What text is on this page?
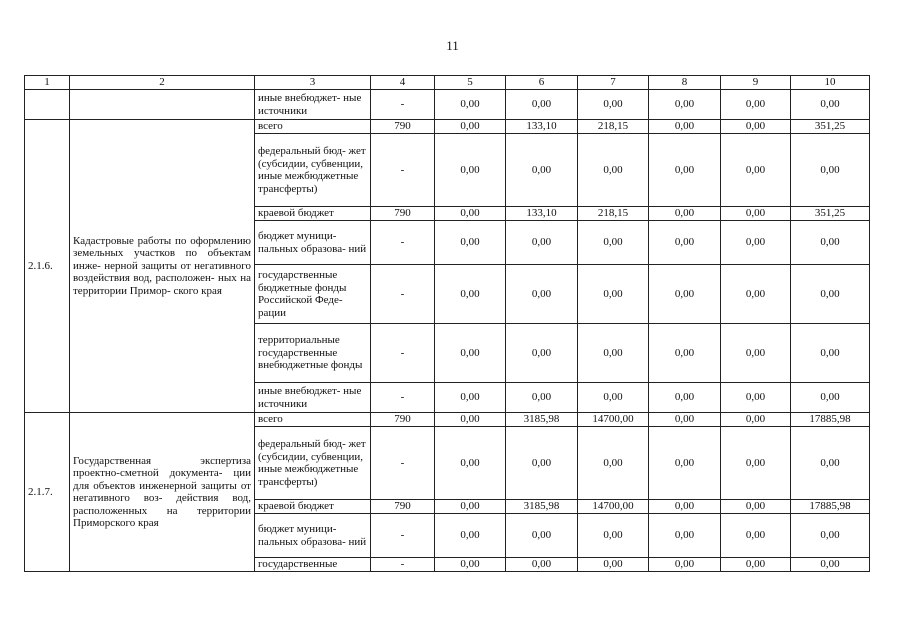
11
1	2	3	4	5	6	7	8	9	10
		иные внебюджет- ные источники	-	0,00	0,00	0,00	0,00	0,00	0,00
2.1.6.	Кадастровые работы по оформлению земельных участков по объектам инже- нерной защиты от негативного воздействия вод, расположен- ных на территории Примор- ского края	всего	790	0,00	133,10	218,15	0,00	0,00	351,25
		федеральный бюд- жет (субсидии, субвенции, иные межбюджетные трансферты)	-	0,00	0,00	0,00	0,00	0,00	0,00
		краевой бюджет	790	0,00	133,10	218,15	0,00	0,00	351,25
		бюджет муници- пальных образова- ний	-	0,00	0,00	0,00	0,00	0,00	0,00
		государственные бюджетные фонды Российской Феде- рации	-	0,00	0,00	0,00	0,00	0,00	0,00
		территориальные государственные внебюджетные фонды	-	0,00	0,00	0,00	0,00	0,00	0,00
		иные внебюджет- ные источники	-	0,00	0,00	0,00	0,00	0,00	0,00
2.1.7.	Государственная экспертиза проектно-сметной документа- ции для объектов инженерной защиты от негативного воз- действия вод, расположенных на территории Приморского края	всего	790	0,00	3185,98	14700,00	0,00	0,00	17885,98
		федеральный бюд- жет (субсидии, субвенции, иные межбюджетные трансферты)	-	0,00	0,00	0,00	0,00	0,00	0,00
		краевой бюджет	790	0,00	3185,98	14700,00	0,00	0,00	17885,98
		бюджет муници- пальных образова- ний	-	0,00	0,00	0,00	0,00	0,00	0,00
		государственные	-	0,00	0,00	0,00	0,00	0,00	0,00
